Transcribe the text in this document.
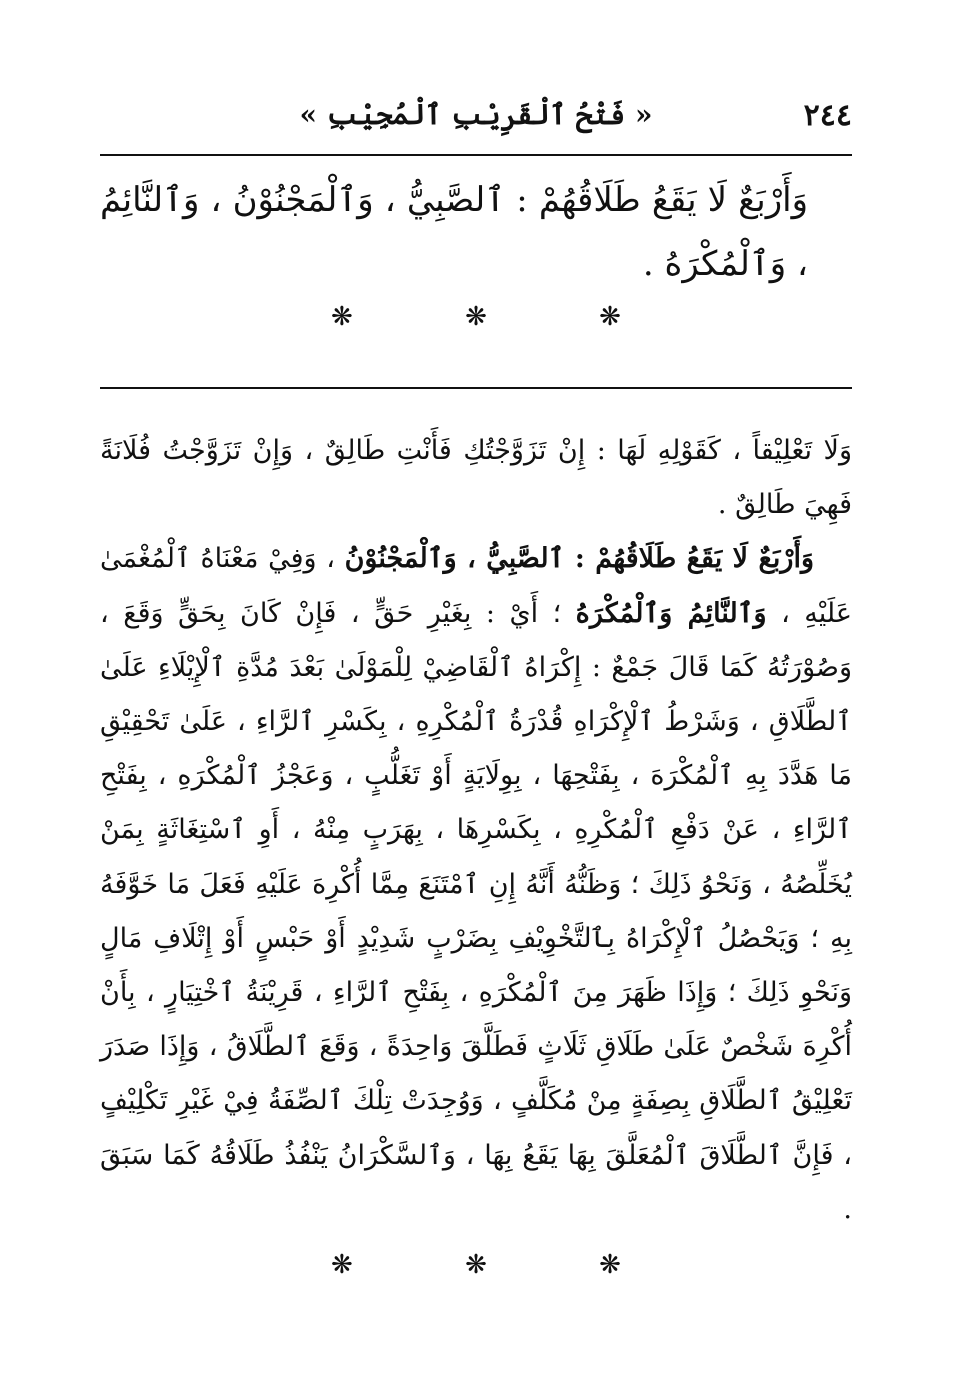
٢٤٤
« فَتْحُ ٱلْقَرِيْبِ ٱلْمُجِيْبِ »
وَأَرْبَعٌ لَا يَقَعُ طَلَاقُهُمْ : ٱلصَّبِيُّ ، وَٱلْمَجْنُوْنُ ، وَٱلنَّائِمُ ، وَٱلْمُكْرَهُ .
❋ ❋ ❋

وَلَا تَعْلِيْقاً ، كَقَوْلِهِ لَهَا : إِنْ تَزَوَّجْتُكِ فَأَنْتِ طَالِقٌ ، وَإِنْ تَزَوَّجْتُ فُلَانَةً فَهِيَ طَالِقٌ .

وَأَرْبَعٌ لَا يَقَعُ طَلَاقُهُمْ : ٱلصَّبِيُّ ، وَٱلْمَجْنُوْنُ ، وَفِيْ مَعْنَاهُ ٱلْمُغْمَىٰ عَلَيْهِ ، وَٱلنَّائِمُ وَٱلْمُكْرَهُ ؛ أَيْ : بِغَيْرِ حَقٍّ ، فَإِنْ كَانَ بِحَقٍّ وَقَعَ ، وَصُوْرَتُهُ كَمَا قَالَ جَمْعٌ : إِكْرَاهُ ٱلْقَاضِيْ لِلْمَوْلَىٰ بَعْدَ مُدَّةِ ٱلْإِيْلَاءِ عَلَىٰ ٱلطَّلَاقِ ، وَشَرْطُ ٱلْإِكْرَاهِ قُدْرَةُ ٱلْمُكْرِهِ ، بِكَسْرِ ٱلرَّاءِ ، عَلَىٰ تَحْقِيْقِ مَا هَدَّدَ بِهِ ٱلْمُكْرَهَ ، بِفَتْحِهَا ، بِوِلَايَةٍ أَوْ تَغَلُّبٍ ، وَعَجْزُ ٱلْمُكْرَهِ ، بِفَتْحِ ٱلرَّاءِ ، عَنْ دَفْعِ ٱلْمُكْرِهِ ، بِكَسْرِهَا ، بِهَرَبٍ مِنْهُ ، أَوِ ٱسْتِغَاثَةٍ بِمَنْ يُخَلِّصُهُ ، وَنَحْوُ ذَلِكَ ؛ وَظَنُّهُ أَنَّهُ إِنِ ٱمْتَنَعَ مِمَّا أُكْرِهَ عَلَيْهِ فَعَلَ مَا خَوَّفَهُ بِهِ ؛ وَيَحْصُلُ ٱلْإِكْرَاهُ بِٱلتَّخْوِيْفِ بِضَرْبٍ شَدِيْدٍ أَوْ حَبْسٍ أَوْ إِتْلَافِ مَالٍ وَنَحْوِ ذَلِكَ ؛ وَإِذَا ظَهَرَ مِنَ ٱلْمُكْرَهِ ، بِفَتْحِ ٱلرَّاءِ ، قَرِيْنَةُ ٱخْتِيَارٍ ، بِأَنْ أُكْرِهَ شَخْصٌ عَلَىٰ طَلَاقِ ثَلَاثٍ فَطَلَّقَ وَاحِدَةً ، وَقَعَ ٱلطَّلَاقُ ، وَإِذَا صَدَرَ تَعْلِيْقُ ٱلطَّلَاقِ بِصِفَةٍ مِنْ مُكَلَّفٍ ، وَوُجِدَتْ تِلْكَ ٱلصِّفَةُ فِيْ غَيْرِ تَكْلِيْفٍ ، فَإِنَّ ٱلطَّلَاقَ ٱلْمُعَلَّقَ بِهَا يَقَعُ بِهَا ، وَٱلسَّكْرَانُ يَنْفُذُ طَلَاقُهُ كَمَا سَبَقَ .

❋ ❋ ❋
